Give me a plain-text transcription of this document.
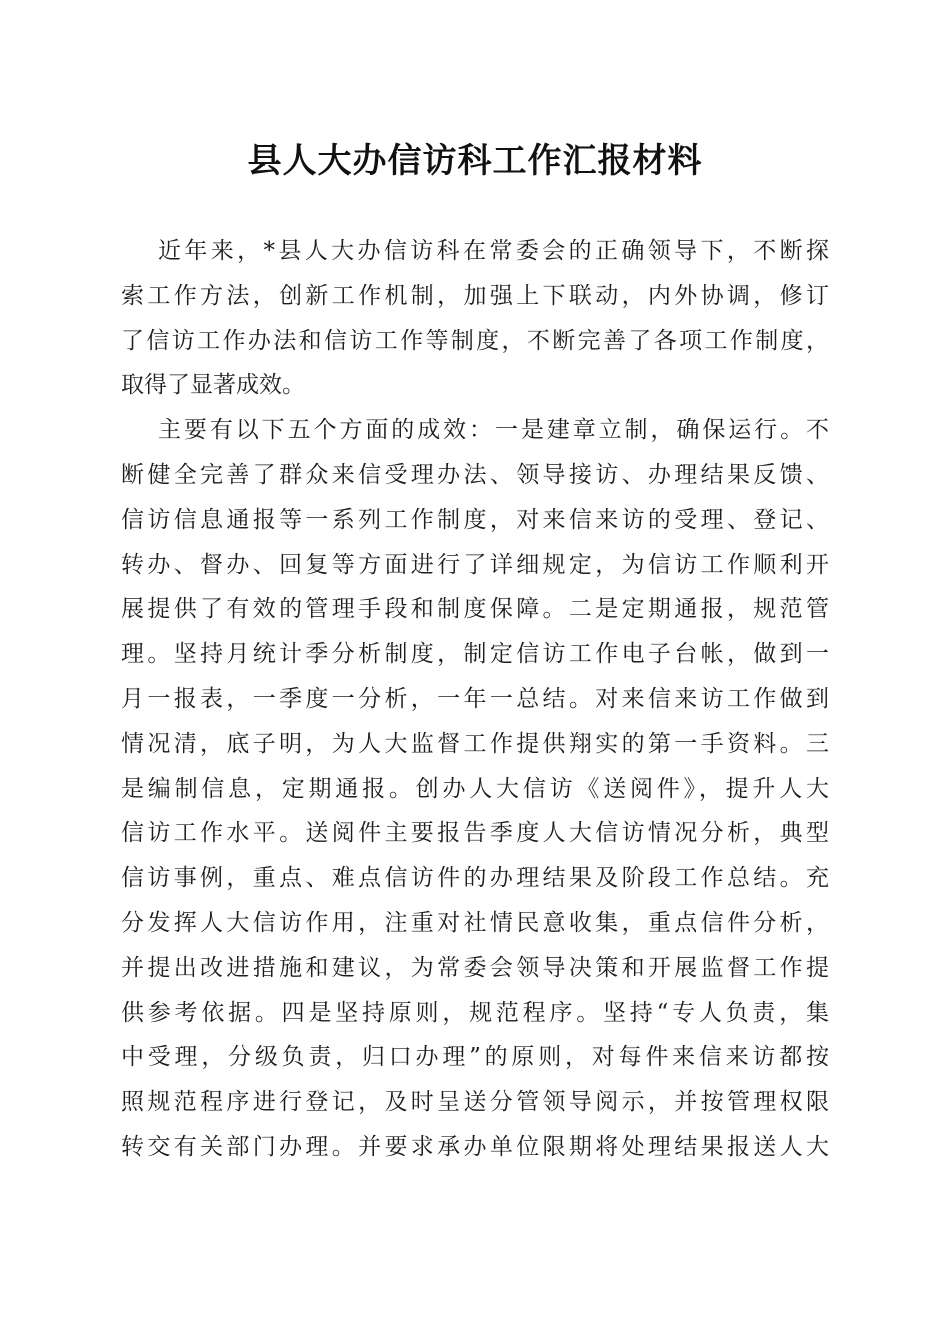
县人大办信访科工作汇报材料
近年来，*县人大办信访科在常委会的正确领导下，不断探
索工作方法，创新工作机制，加强上下联动，内外协调，修订
了信访工作办法和信访工作等制度，不断完善了各项工作制度，
取得了显著成效。
主要有以下五个方面的成效：一是建章立制，确保运行。不
断健全完善了群众来信受理办法、领导接访、办理结果反馈、
信访信息通报等一系列工作制度，对来信来访的受理、登记、
转办、督办、回复等方面进行了详细规定，为信访工作顺利开
展提供了有效的管理手段和制度保障。二是定期通报，规范管
理。坚持月统计季分析制度，制定信访工作电子台帐，做到一
月一报表，一季度一分析，一年一总结。对来信来访工作做到
情况清，底子明，为人大监督工作提供翔实的第一手资料。三
是编制信息，定期通报。创办人大信访《送阅件》，提升人大
信访工作水平。送阅件主要报告季度人大信访情况分析，典型
信访事例，重点、难点信访件的办理结果及阶段工作总结。充
分发挥人大信访作用，注重对社情民意收集，重点信件分析，
并提出改进措施和建议，为常委会领导决策和开展监督工作提
供参考依据。四是坚持原则，规范程序。坚持“专人负责，集
中受理，分级负责，归口办理”的原则，对每件来信来访都按
照规范程序进行登记，及时呈送分管领导阅示，并按管理权限
转交有关部门办理。并要求承办单位限期将处理结果报送人大
